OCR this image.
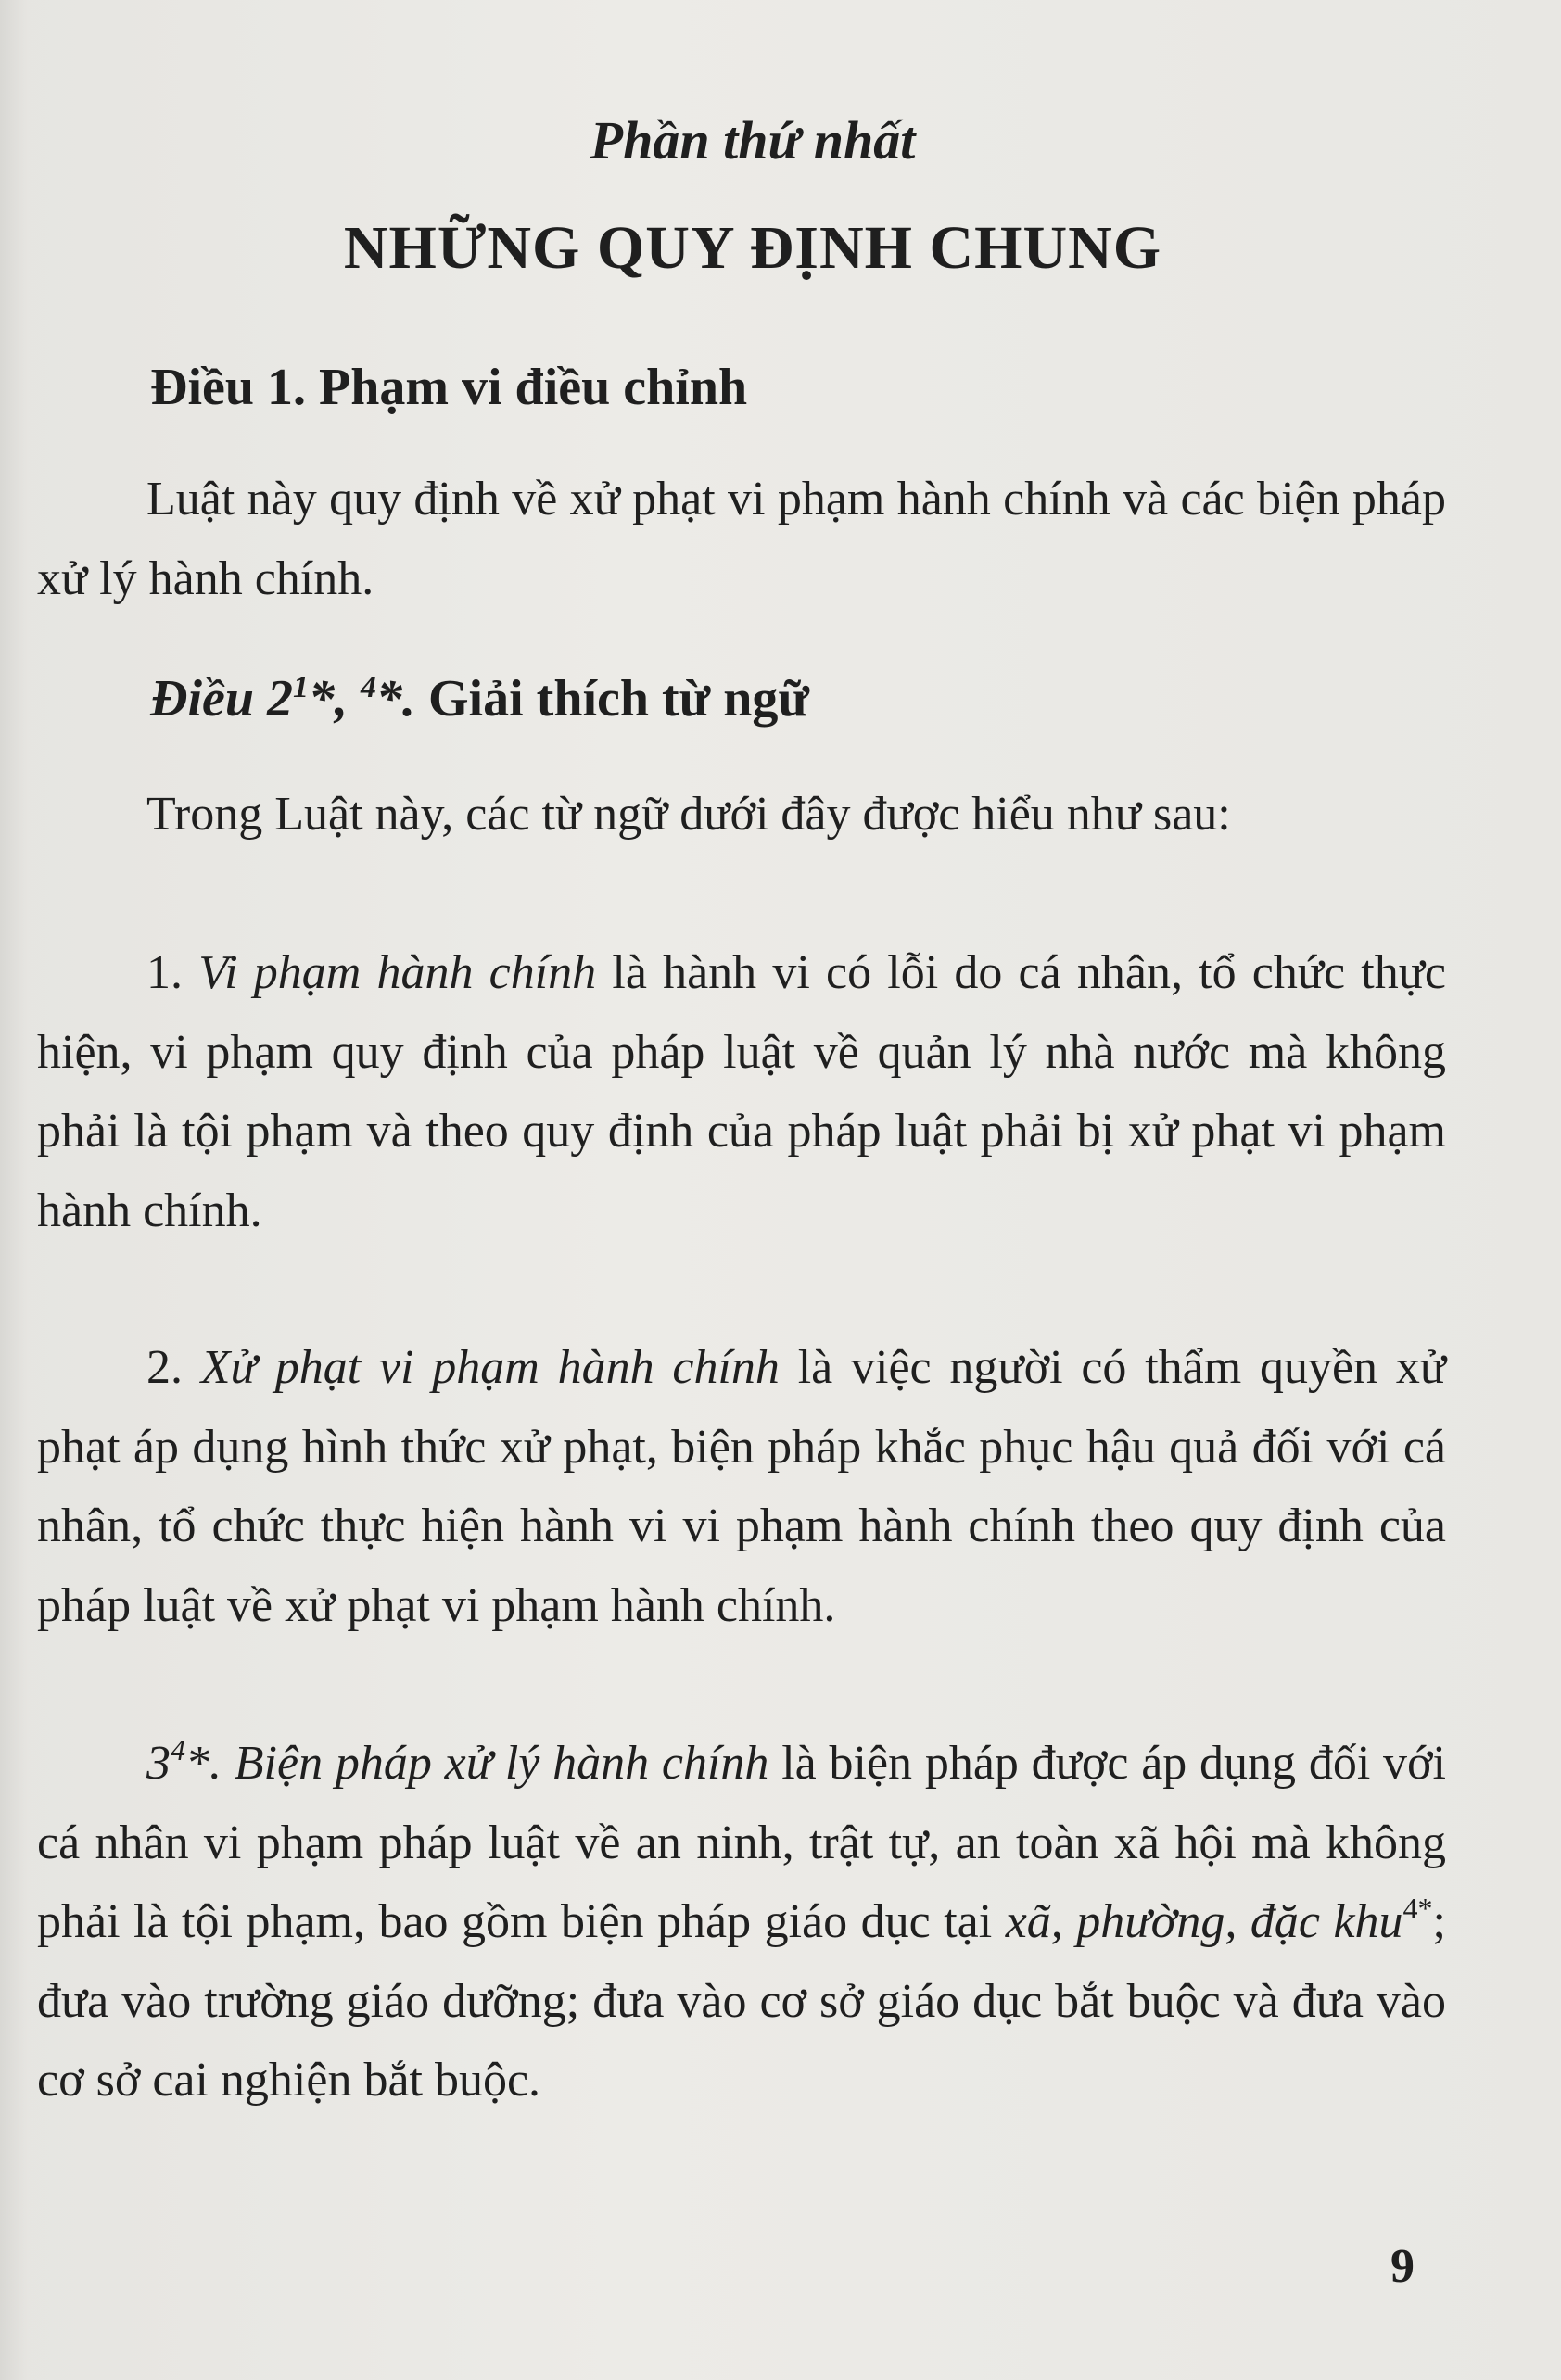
Phần thứ nhất
NHỮNG QUY ĐỊNH CHUNG
Điều 1. Phạm vi điều chỉnh
Luật này quy định về xử phạt vi phạm hành chính và các biện pháp xử lý hành chính.
Điều $2^1*$, $^4$*. Giải thích từ ngữ
Trong Luật này, các từ ngữ dưới đây được hiểu như sau:
1. Vi phạm hành chính là hành vi có lỗi do cá nhân, tổ chức thực hiện, vi phạm quy định của pháp luật về quản lý nhà nước mà không phải là tội phạm và theo quy định của pháp luật phải bị xử phạt vi phạm hành chính.
2. Xử phạt vi phạm hành chính là việc người có thẩm quyền xử phạt áp dụng hình thức xử phạt, biện pháp khắc phục hậu quả đối với cá nhân, tổ chức thực hiện hành vi vi phạm hành chính theo quy định của pháp luật về xử phạt vi phạm hành chính.
$3^4*$. Biện pháp xử lý hành chính là biện pháp được áp dụng đối với cá nhân vi phạm pháp luật về an ninh, trật tự, an toàn xã hội mà không phải là tội phạm, bao gồm biện pháp giáo dục tại xã, phường, đặc khu$^{4*}$; đưa vào trường giáo dưỡng; đưa vào cơ sở giáo dục bắt buộc và đưa vào cơ sở cai nghiện bắt buộc.
9
